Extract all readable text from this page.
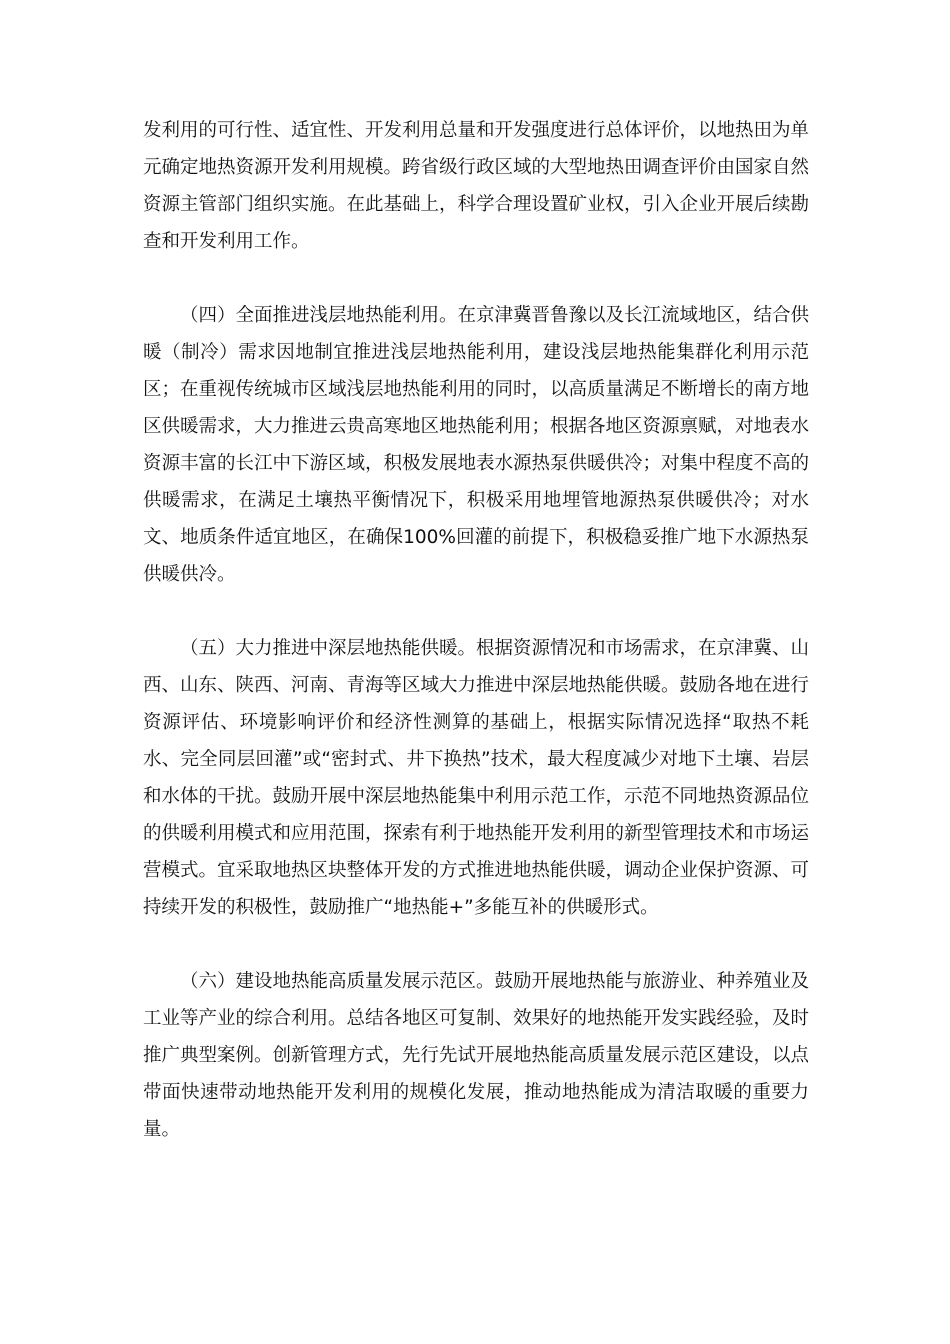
发利用的可行性、适宜性、开发利用总量和开发强度进行总体评价，以地热田为单元确定地热资源开发利用规模。跨省级行政区域的大型地热田调查评价由国家自然资源主管部门组织实施。在此基础上，科学合理设置矿业权，引入企业开展后续勘查和开发利用工作。

（四）全面推进浅层地热能利用。在京津冀晋鲁豫以及长江流域地区，结合供暖（制冷）需求因地制宜推进浅层地热能利用，建设浅层地热能集群化利用示范区；在重视传统城市区域浅层地热能利用的同时，以高质量满足不断增长的南方地区供暖需求，大力推进云贵高寒地区地热能利用；根据各地区资源禀赋，对地表水资源丰富的长江中下游区域，积极发展地表水源热泵供暖供冷；对集中程度不高的供暖需求，在满足土壤热平衡情况下，积极采用地埋管地源热泵供暖供冷；对水文、地质条件适宜地区，在确保100%回灌的前提下，积极稳妥推广地下水源热泵供暖供冷。

（五）大力推进中深层地热能供暖。根据资源情况和市场需求，在京津冀、山西、山东、陕西、河南、青海等区域大力推进中深层地热能供暖。鼓励各地在进行资源评估、环境影响评价和经济性测算的基础上，根据实际情况选择“取热不耗水、完全同层回灌”或“密封式、井下换热”技术，最大程度减少对地下土壤、岩层和水体的干扰。鼓励开展中深层地热能集中利用示范工作，示范不同地热资源品位的供暖利用模式和应用范围，探索有利于地热能开发利用的新型管理技术和市场运营模式。宜采取地热区块整体开发的方式推进地热能供暖，调动企业保护资源、可持续开发的积极性，鼓励推广“地热能+”多能互补的供暖形式。

（六）建设地热能高质量发展示范区。鼓励开展地热能与旅游业、种养殖业及工业等产业的综合利用。总结各地区可复制、效果好的地热能开发实践经验，及时推广典型案例。创新管理方式，先行先试开展地热能高质量发展示范区建设，以点带面快速带动地热能开发利用的规模化发展，推动地热能成为清洁取暖的重要力量。
